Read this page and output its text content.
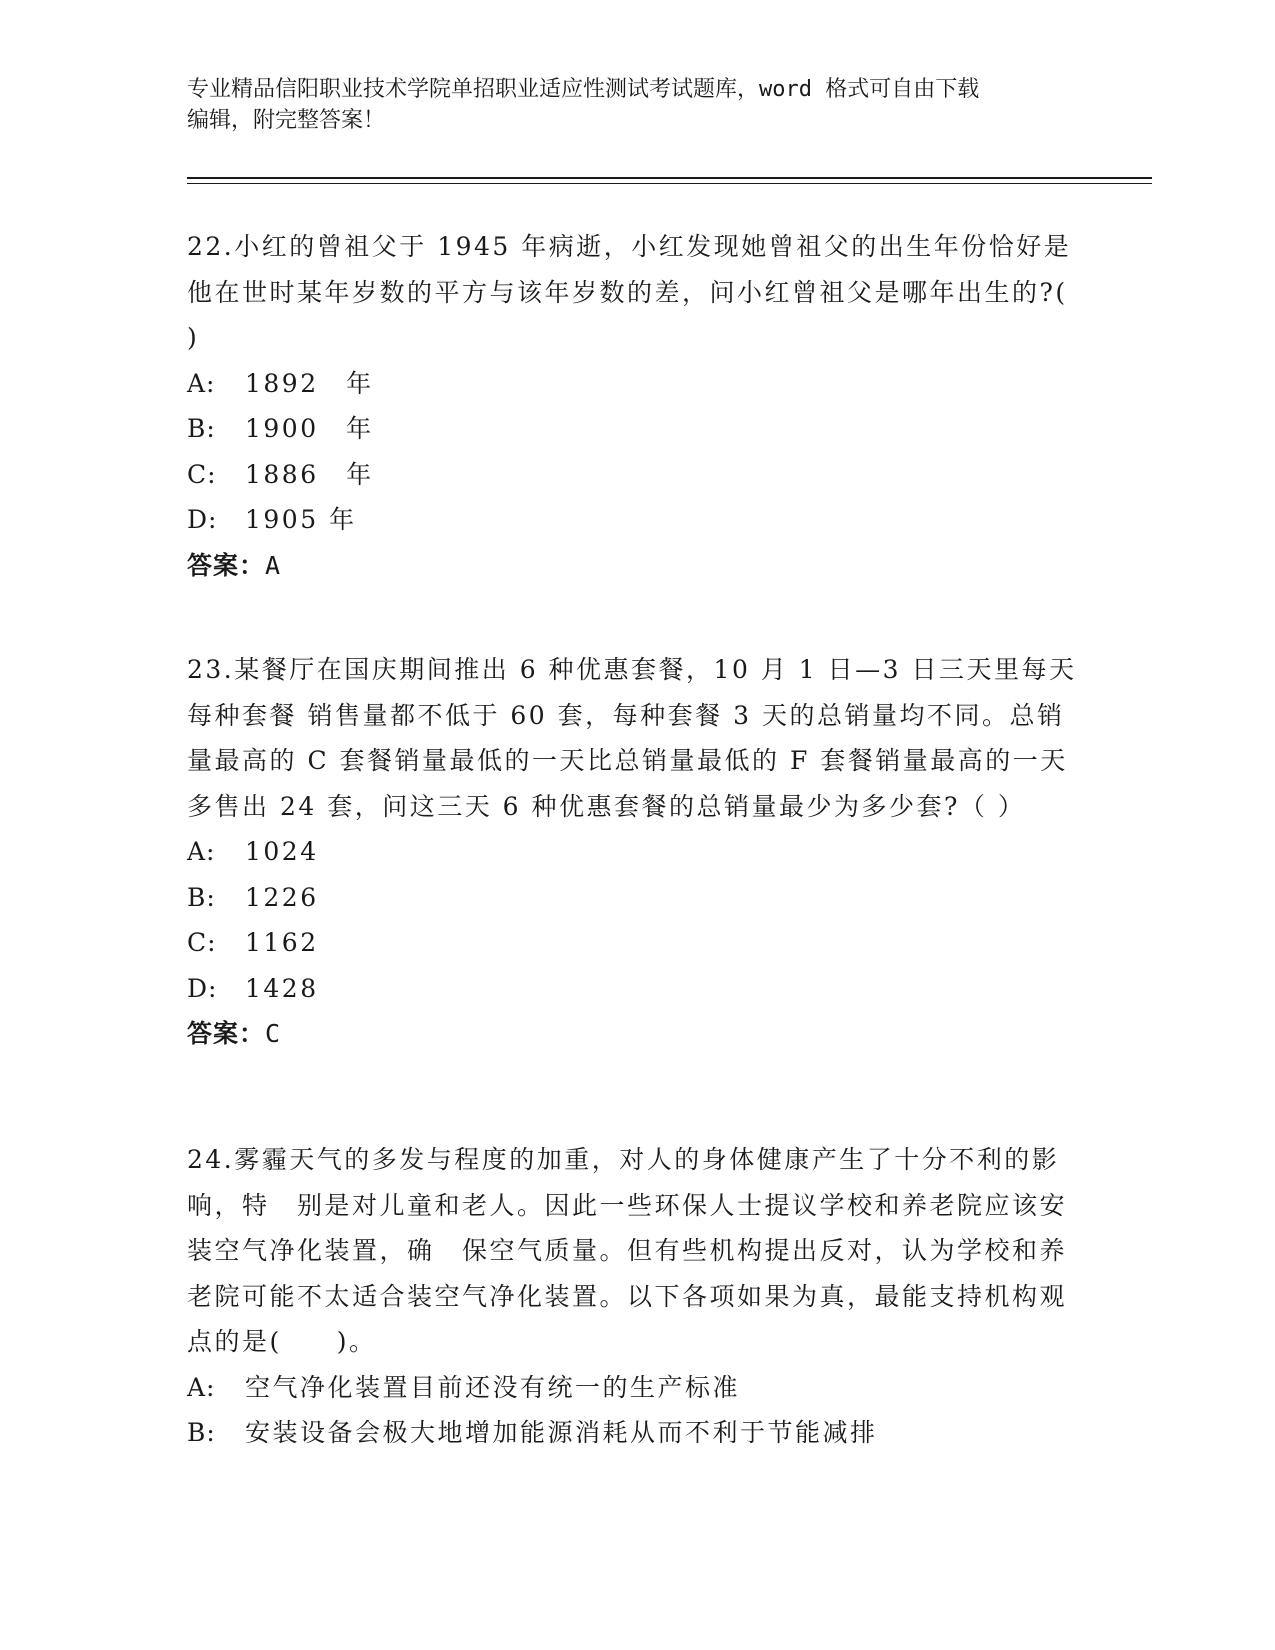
专业精品信阳职业技术学院单招职业适应性测试考试题库，word 格式可自由下载
编辑，附完整答案！
22.小红的曾祖父于 1945 年病逝，小红发现她曾祖父的出生年份恰好是他在世时某年岁数的平方与该年岁数的差，问小红曾祖父是哪年出生的?(　　)
A:	1892　年
B:	1900　年
C:	1886　年
D:	1905 年
答案：A
23.某餐厅在国庆期间推出 6 种优惠套餐，10 月 1 日—3 日三天里每天每种套餐 销售量都不低于 60 套，每种套餐 3 天的总销量均不同。总销量最高的 C 套餐销量最低的一天比总销量最低的 F 套餐销量最高的一天多售出 24 套，问这三天 6 种优惠套餐的总销量最少为多少套?（ ）
A:	1024
B:	1226
C:	1162
D:	1428
答案：C
24.雾霾天气的多发与程度的加重，对人的身体健康产生了十分不利的影响，特　别是对儿童和老人。因此一些环保人士提议学校和养老院应该安装空气净化装置，确　保空气质量。但有些机构提出反对，认为学校和养老院可能不太适合装空气净化装置。以下各项如果为真，最能支持机构观点的是(　　)。
A:	空气净化装置目前还没有统一的生产标准
B:	安装设备会极大地增加能源消耗从而不利于节能减排
